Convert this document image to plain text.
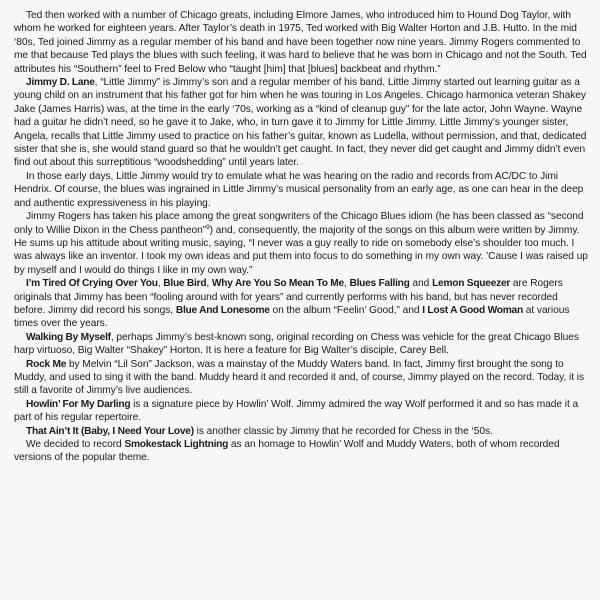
Ted then worked with a number of Chicago greats, including Elmore James, who introduced him to Hound Dog Taylor, with whom he worked for eighteen years. After Taylor’s death in 1975, Ted worked with Big Walter Horton and J.B. Hutto. In the mid ‘80s, Ted joined Jimmy as a regular member of his band and have been together now nine years. Jimmy Rogers commented to me that because Ted plays the blues with such feeling, it was hard to believe that he was born in Chicago and not the South. Ted attributes his “Southern” feel to Fred Below who “taught [him] that [blues] backbeat and rhythm.”

Jimmy D. Lane, “Little Jimmy” is Jimmy’s son and a regular member of his band. Little Jimmy started out learning guitar as a young child on an instrument that his father got for him when he was touring in Los Angeles. Chicago harmonica veteran Shakey Jake (James Harris) was, at the time in the early ‘70s, working as a “kind of cleanup guy” for the late actor, John Wayne. Wayne had a guitar he didn’t need, so he gave it to Jake, who, in turn gave it to Jimmy for Little Jimmy. Little Jimmy’s younger sister, Angela, recalls that Little Jimmy used to practice on his father’s guitar, known as Ludella, without permission, and that, dedicated sister that she is, she would stand guard so that he wouldn’t get caught. In fact, they never did get caught and Jimmy didn’t even find out about this surreptitious “woodshedding” until years later.

In those early days, Little Jimmy would try to emulate what he was hearing on the radio and records from AC/DC to Jimi Hendrix. Of course, the blues was ingrained in Little Jimmy’s musical personality from an early age, as one can hear in the deep and authentic expressiveness in his playing.

Jimmy Rogers has taken his place among the great songwriters of the Chicago Blues idiom (he has been classed as “second only to Willie Dixon in the Chess pantheon”$^9$) and, consequently, the majority of the songs on this album were written by Jimmy. He sums up his attitude about writing music, saying, “I never was a guy really to ride on somebody else’s shoulder too much. I was always like an inventor. I took my own ideas and put them into focus to do something in my own way. ’Cause I was raised up by myself and I would do things I like in my own way.”

I’m Tired Of Crying Over You, Blue Bird, Why Are You So Mean To Me, Blues Falling and Lemon Squeezer are Rogers originals that Jimmy has been “fooling around with for years” and currently performs with his band, but has never recorded before. Jimmy did record his songs, Blue And Lonesome on the album “Feelin’ Good,” and I Lost A Good Woman at various times over the years.

Walking By Myself, perhaps Jimmy’s best-known song, original recording on Chess was vehicle for the great Chicago Blues harp virtuoso, Big Walter “Shakey” Horton. It is here a feature for Big Walter’s disciple, Carey Bell.

Rock Me by Melvin “Lil Son” Jackson, was a mainstay of the Muddy Waters band. In fact, Jimmy first brought the song to Muddy, and used to sing it with the band. Muddy heard it and recorded it and, of course, Jimmy played on the record. Today, it is still a favorite of Jimmy’s live audiences.

Howlin’ For My Darling is a signature piece by Howlin’ Wolf. Jimmy admired the way Wolf performed it and so has made it a part of his regular repertoire.

That Ain’t It (Baby, I Need Your Love) is another classic by Jimmy that he recorded for Chess in the ‘50s.

We decided to record Smokestack Lightning as an homage to Howlin’ Wolf and Muddy Waters, both of whom recorded versions of the popular theme.
